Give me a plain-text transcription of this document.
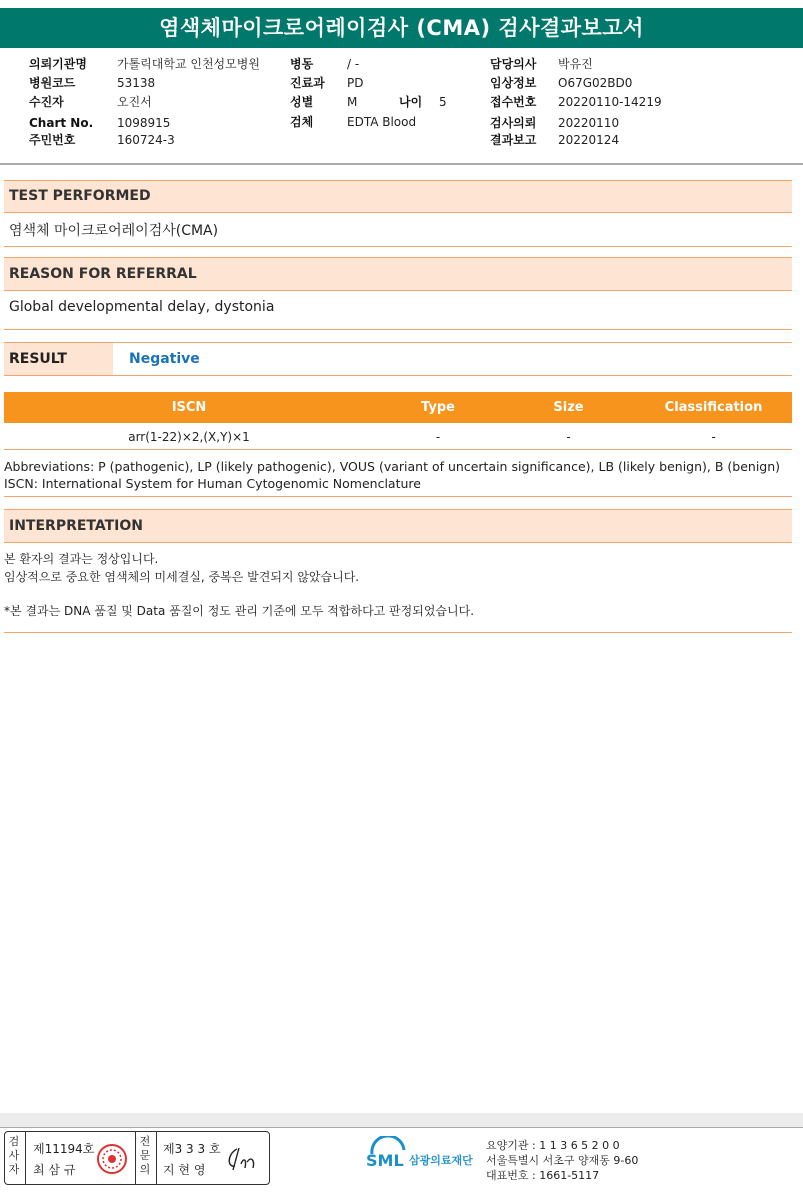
염색체마이크로어레이검사 (CMA) 검사결과보고서
의뢰기관명	가톨릭대학교 인천성모병원
병원코드	53138
수진자	오진서
Chart No. 1098915
주민번호	160724-3
병동	/ -
진료과 PD
성별	M	나이 5
검체	EDTA Blood
담당의사 박유진
임상정보 O67G02BD0
접수번호 20220110-14219
검사의뢰 20220110
결과보고 20220124
TEST PERFORMED
염색체 마이크로어레이검사(CMA)
REASON FOR REFERRAL
Global developmental delay, dystonia
RESULT	Negative
ISCN	Type	Size	Classification
arr(1-22)×2,(X,Y)×1	-	-	-
Abbreviations: P (pathogenic), LP (likely pathogenic), VOUS (variant of uncertain significance), LB (likely benign), B (benign)
ISCN: International System for Human Cytogenomic Nomenclature
INTERPRETATION
본 환자의 결과는 정상입니다.
임상적으로 중요한 염색체의 미세결실, 중복은 발견되지 않았습니다.
*본 결과는 DNA 품질 및 Data 품질이 정도 관리 기준에 모두 적합하다고 판정되었습니다.
검
사
자
제11194호
최 삼 규
전
문
의
제3 3 3 호
지 현 영	SML 삼광의료재단
요양기관 : 1 1 3 6 5 2 0 0
서울특별시 서초구 양재동 9-60
대표번호 : 1661-5117
